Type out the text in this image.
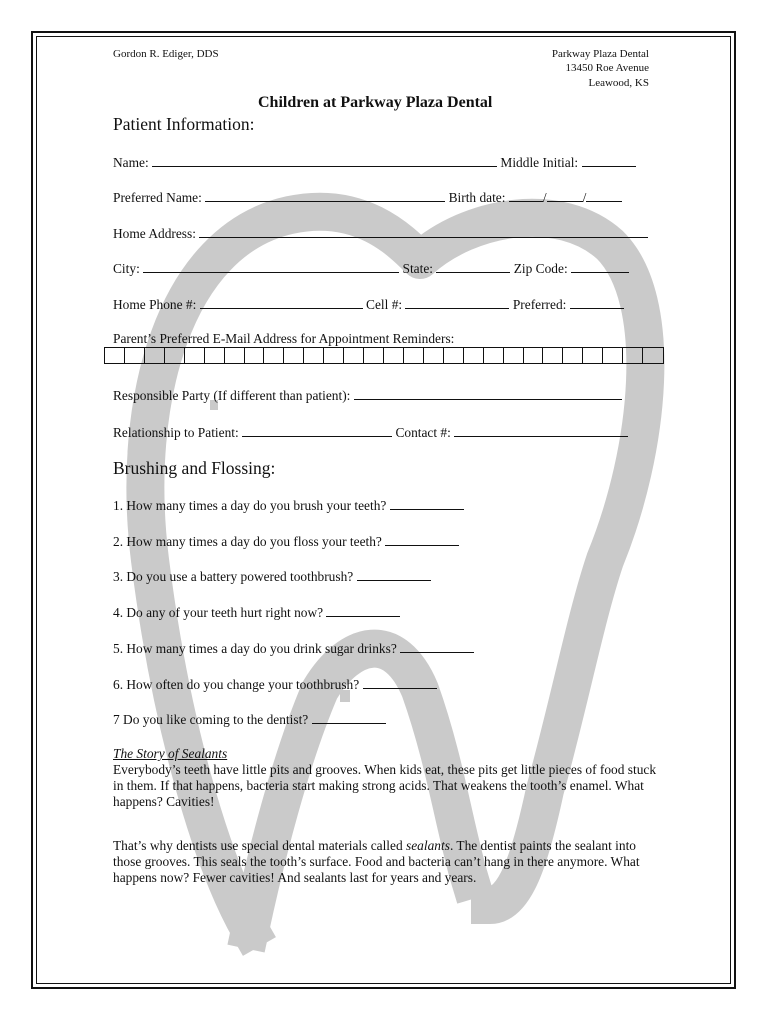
Gordon R. Ediger, DDS	Parkway Plaza Dental
13450 Roe Avenue
Leawood, KS
Children at Parkway Plaza Dental
Patient Information:
Name:	Middle Initial:
Preferred Name:	Birth date:	/	/
Home Address:
City:	State:	Zip Code:
Home Phone #:	Cell #:	Preferred:
Parent’s Preferred E-Mail Address for Appointment Reminders:
Responsible Party (If different than patient):
Relationship to Patient:	Contact #:
Brushing and Flossing:
1. How many times a day do you brush your teeth?
2. How many times a day do you floss your teeth?
3. Do you use a battery powered toothbrush?
4. Do any of your teeth hurt right now?
5. How many times a day do you drink sugar drinks?
6. How often do you change your toothbrush?
7 Do you like coming to the dentist?
The Story of Sealants
Everybody’s teeth have little pits and grooves. When kids eat, these pits get little pieces of food stuck in them. If that happens, bacteria start making strong acids. That weakens the tooth’s enamel. What happens? Cavities!
That’s why dentists use special dental materials called sealants. The dentist paints the sealant into those grooves. This seals the tooth’s surface. Food and bacteria can’t hang in there anymore. What happens now? Fewer cavities! And sealants last for years and years.
